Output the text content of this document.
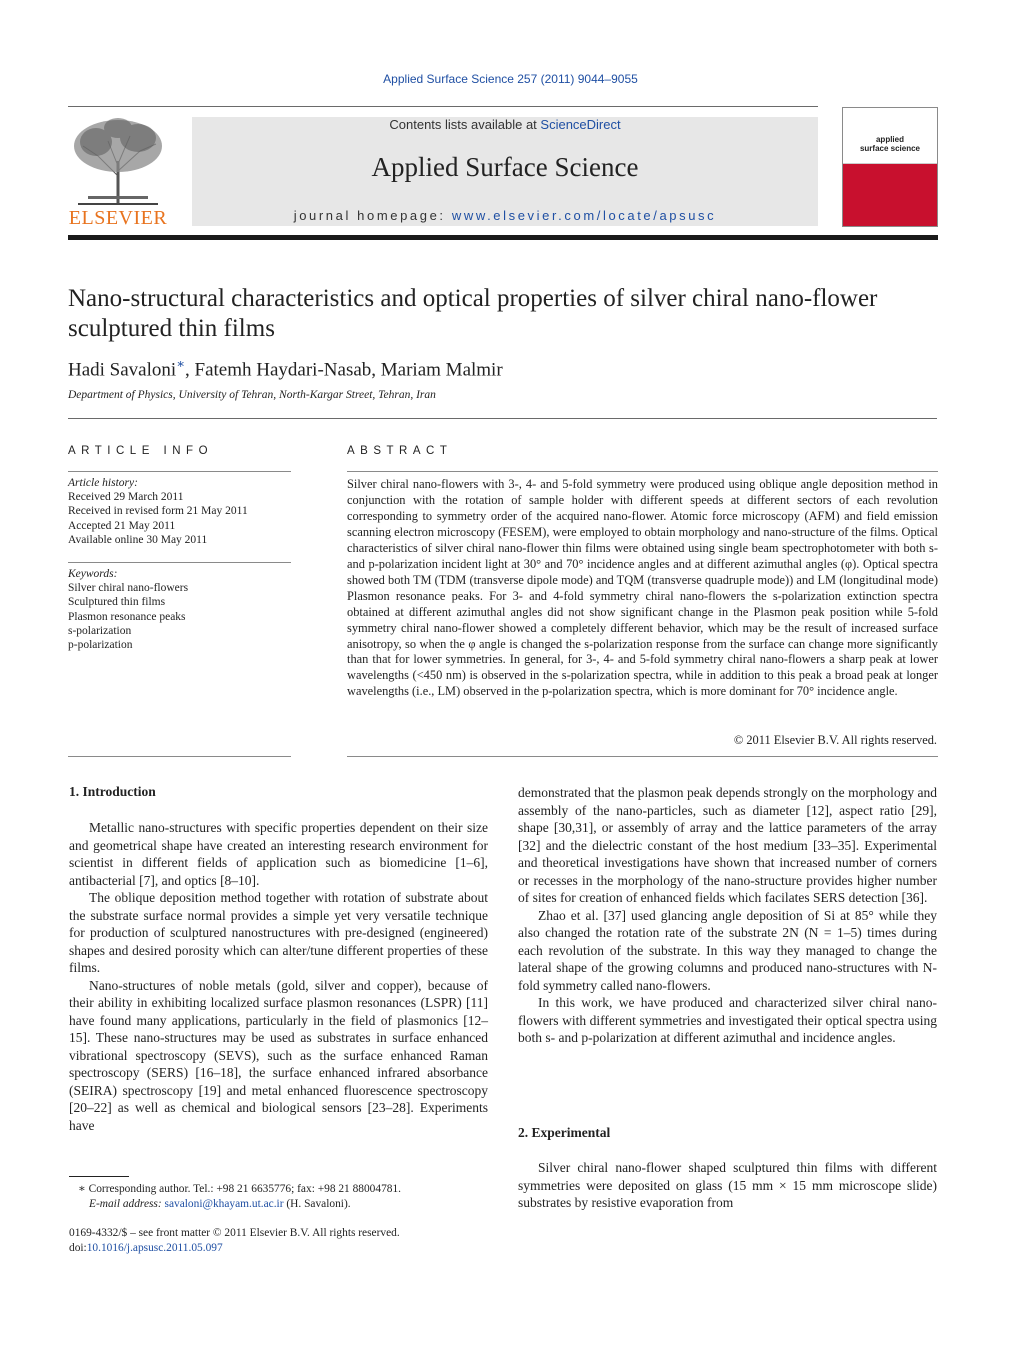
Applied Surface Science 257 (2011) 9044–9055
ELSEVIER
Contents lists available at ScienceDirect
Applied Surface Science
journal homepage: www.elsevier.com/locate/apsusc
applied
surface science
Nano-structural characteristics and optical properties of silver chiral nano-flower
sculptured thin films
Hadi Savaloni∗, Fatemh Haydari-Nasab, Mariam Malmir
Department of Physics, University of Tehran, North-Kargar Street, Tehran, Iran
ARTICLE INFO
Article history:
Received 29 March 2011
Received in revised form 21 May 2011
Accepted 21 May 2011
Available online 30 May 2011
Keywords:
Silver chiral nano-flowers
Sculptured thin films
Plasmon resonance peaks
s-polarization
p-polarization
ABSTRACT
Silver chiral nano-flowers with 3-, 4- and 5-fold symmetry were produced using oblique angle deposition method in conjunction with the rotation of sample holder with different speeds at different sectors of each revolution corresponding to symmetry order of the acquired nano-flower. Atomic force microscopy (AFM) and field emission scanning electron microscopy (FESEM), were employed to obtain morphology and nano-structure of the films. Optical characteristics of silver chiral nano-flower thin films were obtained using single beam spectrophotometer with both s- and p-polarization incident light at 30° and 70° incidence angles and at different azimuthal angles (φ). Optical spectra showed both TM (TDM (transverse dipole mode) and TQM (transverse quadruple mode)) and LM (longitudinal mode) Plasmon resonance peaks. For 3- and 4-fold symmetry chiral nano-flowers the s-polarization extinction spectra obtained at different azimuthal angles did not show significant change in the Plasmon peak position while 5-fold symmetry chiral nano-flower showed a completely different behavior, which may be the result of increased surface anisotropy, so when the φ angle is changed the s-polarization response from the surface can change more significantly than that for lower symmetries. In general, for 3-, 4- and 5-fold symmetry chiral nano-flowers a sharp peak at lower wavelengths (<450 nm) is observed in the s-polarization spectra, while in addition to this peak a broad peak at longer wavelengths (i.e., LM) observed in the p-polarization spectra, which is more dominant for 70° incidence angle.
© 2011 Elsevier B.V. All rights reserved.
1. Introduction

Metallic nano-structures with specific properties dependent on their size and geometrical shape have created an interesting research environment for scientist in different fields of application such as biomedicine [1–6], antibacterial [7], and optics [8–10].

The oblique deposition method together with rotation of substrate about the substrate surface normal provides a simple yet very versatile technique for production of sculptured nanostructures with pre-designed (engineered) shapes and desired porosity which can alter/tune different properties of these films.

Nano-structures of noble metals (gold, silver and copper), because of their ability in exhibiting localized surface plasmon resonances (LSPR) [11] have found many applications, particularly in the field of plasmonics [12–15]. These nano-structures may be used as substrates in surface enhanced vibrational spectroscopy (SEVS), such as the surface enhanced Raman spectroscopy (SERS) [16–18], the surface enhanced infrared absorbance (SEIRA) spectroscopy [19] and metal enhanced fluorescence spectroscopy [20–22] as well as chemical and biological sensors [23–28]. Experiments have

demonstrated that the plasmon peak depends strongly on the morphology and assembly of the nano-particles, such as diameter [12], aspect ratio [29], shape [30,31], or assembly of array and the lattice parameters of the array [32] and the dielectric constant of the host medium [33–35]. Experimental and theoretical investigations have shown that increased number of corners or recesses in the morphology of the nano-structure provides higher number of sites for creation of enhanced fields which facilates SERS detection [36].

Zhao et al. [37] used glancing angle deposition of Si at 85° while they also changed the rotation rate of the substrate 2N (N = 1–5) times during each revolution of the substrate. In this way they managed to change the lateral shape of the growing columns and produced nano-structures with N-fold symmetry called nano-flowers.

In this work, we have produced and characterized silver chiral nano-flowers with different symmetries and investigated their optical spectra using both s- and p-polarization at different azimuthal and incidence angles.

2. Experimental

Silver chiral nano-flower shaped sculptured thin films with different symmetries were deposited on glass (15 mm × 15 mm microscope slide) substrates by resistive evaporation from

∗ Corresponding author. Tel.: +98 21 6635776; fax: +98 21 88004781.
E-mail address: savaloni@khayam.ut.ac.ir (H. Savaloni).
0169-4332/$ – see front matter © 2011 Elsevier B.V. All rights reserved.
doi:10.1016/j.apsusc.2011.05.097
